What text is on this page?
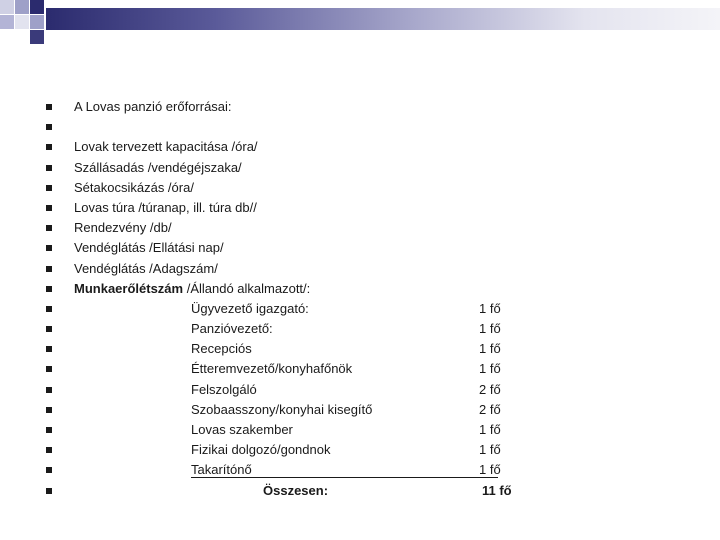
A Lovas panzió erőforrásai:
Lovak tervezett kapacitása /óra/
Szállásadás /vendégéjszaka/
Sétakocsikázás /óra/
Lovas túra /túranap, ill. túra db//
Rendezvény /db/
Vendéglátás /Ellátási nap/
Vendéglátás /Adagszám/
Munkaerőlétszám /Állandó alkalmazott/:
Ügyvezető igazgató:	1 fő
Panzióvezető:	1 fő
Recepciós	1 fő
Étteremvezető/konyhafőnök	1 fő
Felszolgáló	2 fő
Szobaasszony/konyhai kisegítő	2 fő
Lovas szakember	1 fő
Fizikai dolgozó/gondnok	1 fő
Takarítónő	1 fő
Összesen:	11 fő
